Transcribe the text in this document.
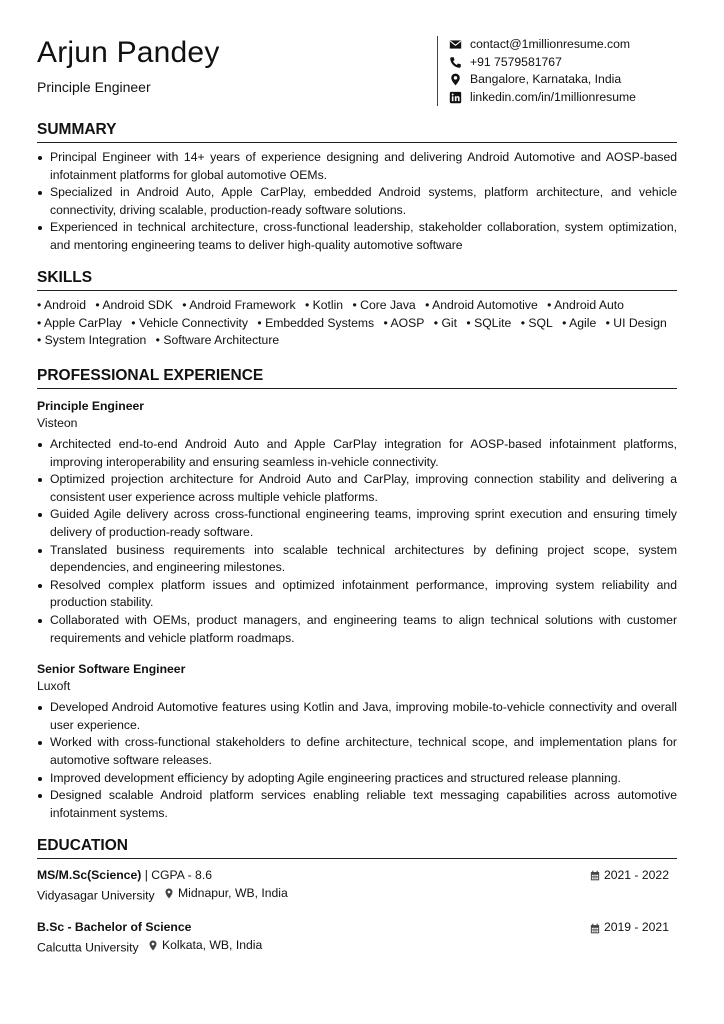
Arjun Pandey
Principle Engineer
contact@1millionresume.com
+91 7579581767
Bangalore, Karnataka, India
linkedin.com/in/1millionresume
SUMMARY
Principal Engineer with 14+ years of experience designing and delivering Android Automotive and AOSP-based infotainment platforms for global automotive OEMs.
Specialized in Android Auto, Apple CarPlay, embedded Android systems, platform architecture, and vehicle connectivity, driving scalable, production-ready software solutions.
Experienced in technical architecture, cross-functional leadership, stakeholder collaboration, system optimization, and mentoring engineering teams to deliver high-quality automotive software
SKILLS
• Android • Android SDK • Android Framework • Kotlin • Core Java • Android Automotive • Android Auto
• Apple CarPlay • Vehicle Connectivity • Embedded Systems • AOSP • Git • SQLite • SQL • Agile • UI Design
• System Integration • Software Architecture
PROFESSIONAL EXPERIENCE
Principle Engineer
Visteon
Architected end-to-end Android Auto and Apple CarPlay integration for AOSP-based infotainment platforms, improving interoperability and ensuring seamless in-vehicle connectivity.
Optimized projection architecture for Android Auto and CarPlay, improving connection stability and delivering a consistent user experience across multiple vehicle platforms.
Guided Agile delivery across cross-functional engineering teams, improving sprint execution and ensuring timely delivery of production-ready software.
Translated business requirements into scalable technical architectures by defining project scope, system dependencies, and engineering milestones.
Resolved complex platform issues and optimized infotainment performance, improving system reliability and production stability.
Collaborated with OEMs, product managers, and engineering teams to align technical solutions with customer requirements and vehicle platform roadmaps.
Senior Software Engineer
Luxoft
Developed Android Automotive features using Kotlin and Java, improving mobile-to-vehicle connectivity and overall user experience.
Worked with cross-functional stakeholders to define architecture, technical scope, and implementation plans for automotive software releases.
Improved development efficiency by adopting Agile engineering practices and structured release planning.
Designed scalable Android platform services enabling reliable text messaging capabilities across automotive infotainment systems.
EDUCATION
MS/M.Sc(Science) | CGPA - 8.6
Vidyasagar University Midnapur, WB, India
2021 - 2022
B.Sc - Bachelor of Science
Calcutta University Kolkata, WB, India
2019 - 2021
